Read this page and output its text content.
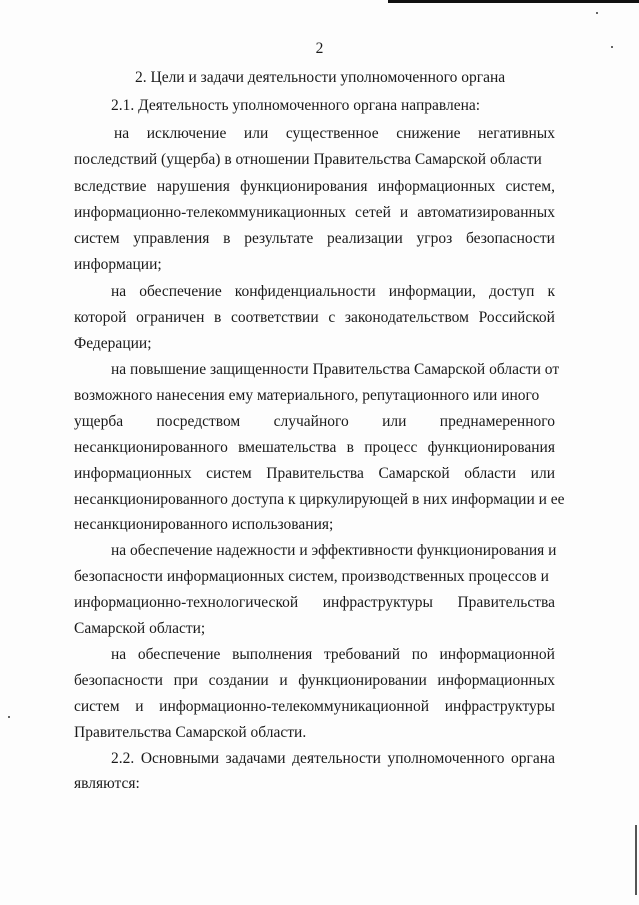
2
2. Цели и задачи деятельности уполномоченного органа
2.1. Деятельность уполномоченного органа направлена:
на исключение или существенное снижение негативных
последствий (ущерба) в отношении Правительства Самарской области
вследствие нарушения функционирования информационных систем,
информационно-телекоммуникационных сетей и автоматизированных
систем управления в результате реализации угроз безопасности
информации;
на обеспечение конфиденциальности информации, доступ к
которой ограничен в соответствии с законодательством Российской
Федерации;
на повышение защищенности Правительства Самарской области от
возможного нанесения ему материального, репутационного или иного
ущерба посредством случайного или преднамеренного
несанкционированного вмешательства в процесс функционирования
информационных систем Правительства Самарской области или
несанкционированного доступа к циркулирующей в них информации и ее
несанкционированного использования;
на обеспечение надежности и эффективности функционирования и
безопасности информационных систем, производственных процессов и
информационно-технологической инфраструктуры Правительства
Самарской области;
на обеспечение выполнения требований по информационной
безопасности при создании и функционировании информационных
систем и информационно-телекоммуникационной инфраструктуры
Правительства Самарской области.
2.2. Основными задачами деятельности уполномоченного органа
являются:
